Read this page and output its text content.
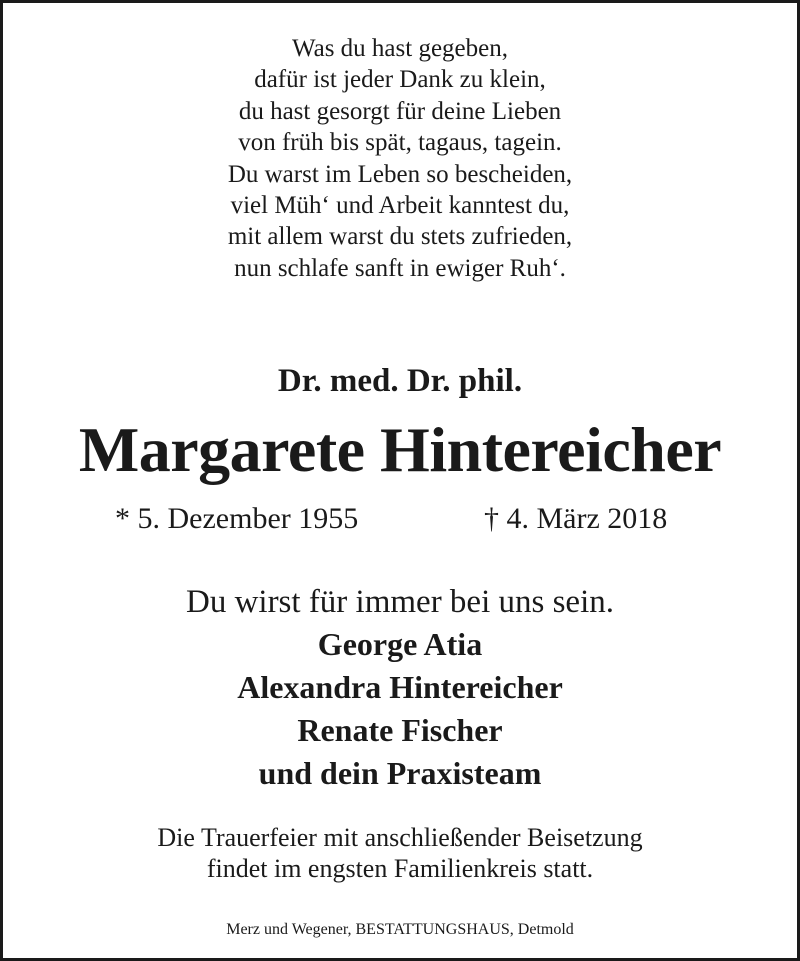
Was du hast gegeben,
dafür ist jeder Dank zu klein,
du hast gesorgt für deine Lieben
von früh bis spät, tagaus, tagein.
Du warst im Leben so bescheiden,
viel Müh‘ und Arbeit kanntest du,
mit allem warst du stets zufrieden,
nun schlafe sanft in ewiger Ruh‘.
Dr. med. Dr. phil.
Margarete Hintereicher
* 5. Dezember 1955	† 4. März 2018
Du wirst für immer bei uns sein.
George Atia
Alexandra Hintereicher
Renate Fischer
und dein Praxisteam
Die Trauerfeier mit anschließender Beisetzung
findet im engsten Familienkreis statt.
Merz und Wegener, BESTATTUNGSHAUS, Detmold
